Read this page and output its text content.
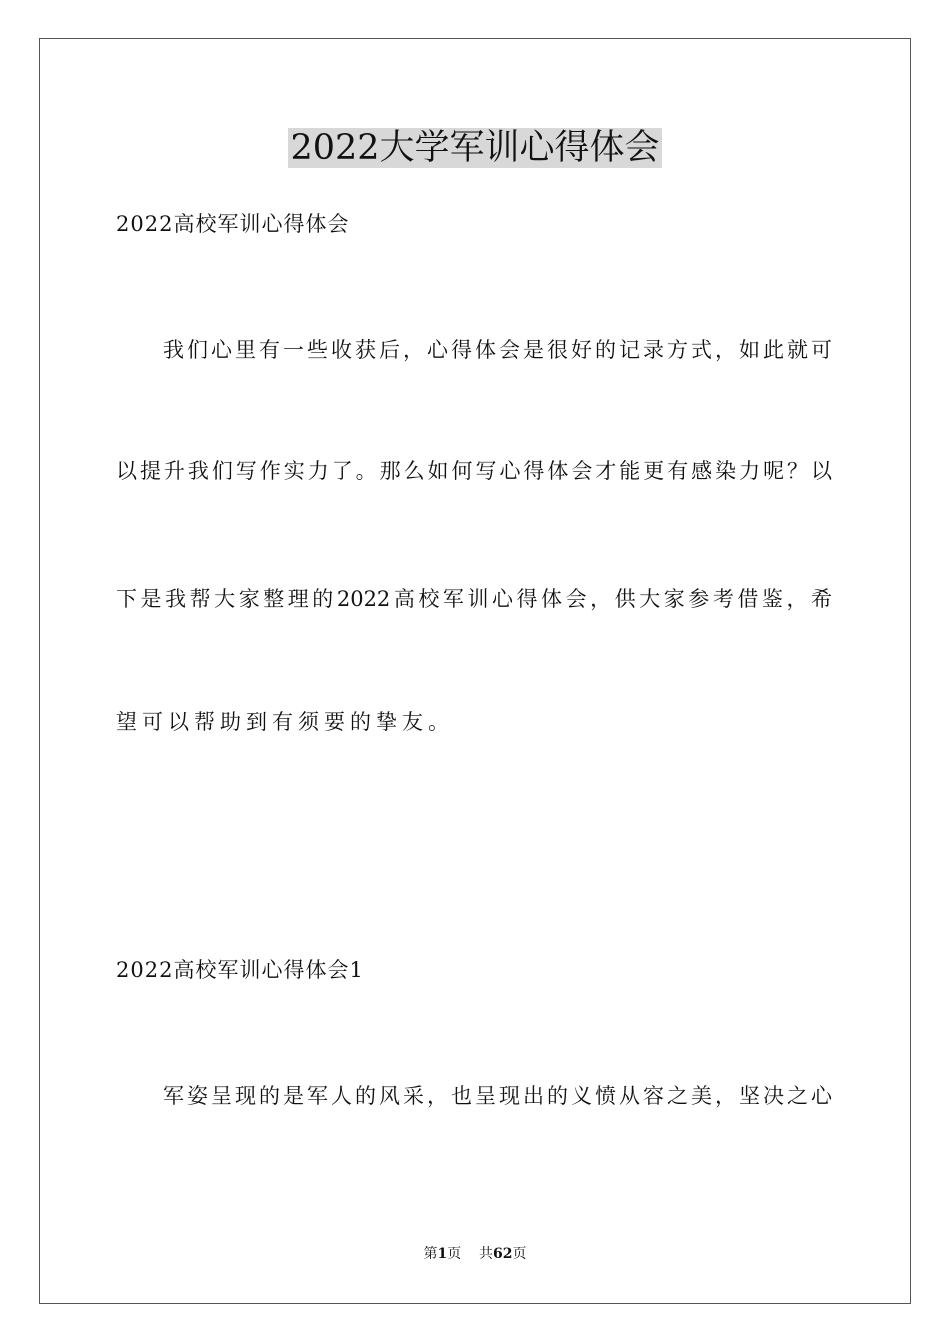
2022大学军训心得体会

2022高校军训心得体会

我们心里有一些收获后，心得体会是很好的记录方式，如此就可

以提升我们写作实力了。那么如何写心得体会才能更有感染力呢？以

下是我帮大家整理的2022高校军训心得体会，供大家参考借鉴，希

望可以帮助到有须要的挚友。

2022高校军训心得体会1

军姿呈现的是军人的风采，也呈现出的义愤从容之美，坚决之心

第1页 共62页
